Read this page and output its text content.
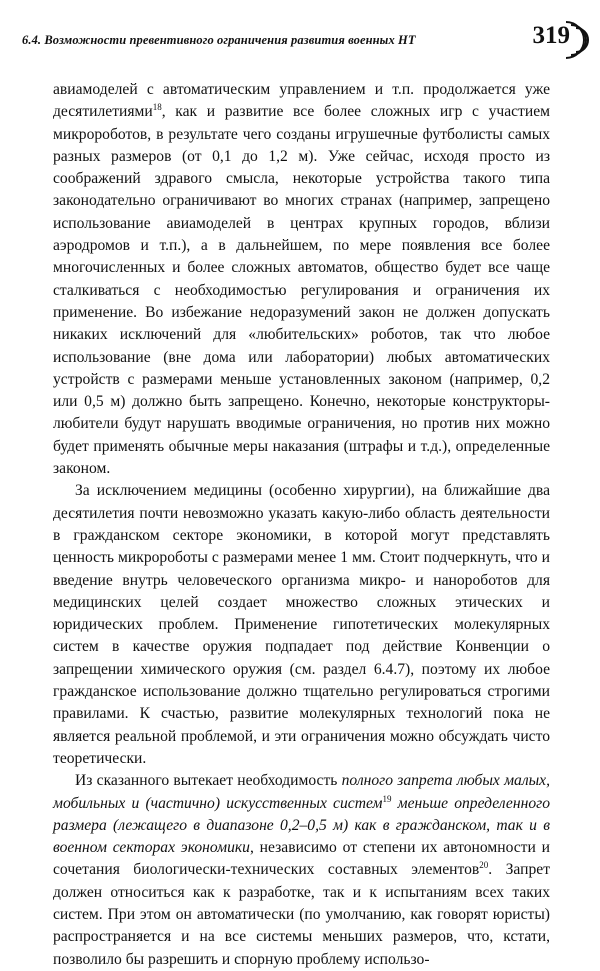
6.4. Возможности превентивного ограничения развития военных НТ	319

авиамоделей с автоматическим управлением и т.п. продолжается уже десятилетиями$^{18}$, как и развитие все более сложных игр с участием микророботов, в результате чего созданы игрушечные футболисты самых разных размеров (от 0,1 до 1,2 м). Уже сейчас, исходя просто из соображений здравого смысла, некоторые устройства такого типа законодательно ограничивают во многих странах (например, запрещено использование авиамоделей в центрах крупных городов, вблизи аэродромов и т.п.), а в дальнейшем, по мере появления все более многочисленных и более сложных автоматов, общество будет все чаще сталкиваться с необходимостью регулирования и ограничения их применение. Во избежание недоразумений закон не должен допускать никаких исключений для «любительских» роботов, так что любое использование (вне дома или лаборатории) любых автоматических устройств с размерами меньше установленных законом (например, 0,2 или 0,5 м) должно быть запрещено. Конечно, некоторые конструкторы-любители будут нарушать вводимые ограничения, но против них можно будет применять обычные меры наказания (штрафы и т.д.), определенные законом.

За исключением медицины (особенно хирургии), на ближайшие два десятилетия почти невозможно указать какую-либо область деятельности в гражданском секторе экономики, в которой могут представлять ценность микророботы с размерами менее 1 мм. Стоит подчеркнуть, что и введение внутрь человеческого организма микро- и нанороботов для медицинских целей создает множество сложных этических и юридических проблем. Применение гипотетических молекулярных систем в качестве оружия подпадает под действие Конвенции о запрещении химического оружия (см. раздел 6.4.7), поэтому их любое гражданское использование должно тщательно регулироваться строгими правилами. К счастью, развитие молекулярных технологий пока не является реальной проблемой, и эти ограничения можно обсуждать чисто теоретически.

Из сказанного вытекает необходимость полного запрета любых малых, мобильных и (частично) искусственных систем$^{19}$ меньше определенного размера (лежащего в диапазоне 0,2–0,5 м) как в гражданском, так и в военном секторах экономики, независимо от степени их автономности и сочетания биологически-технических составных элементов$^{20}$. Запрет должен относиться как к разработке, так и к испытаниям всех таких систем. При этом он автоматически (по умолчанию, как говорят юристы) распространяется и на все системы меньших размеров, что, кстати, позволило бы разрешить и спорную проблему использо-
